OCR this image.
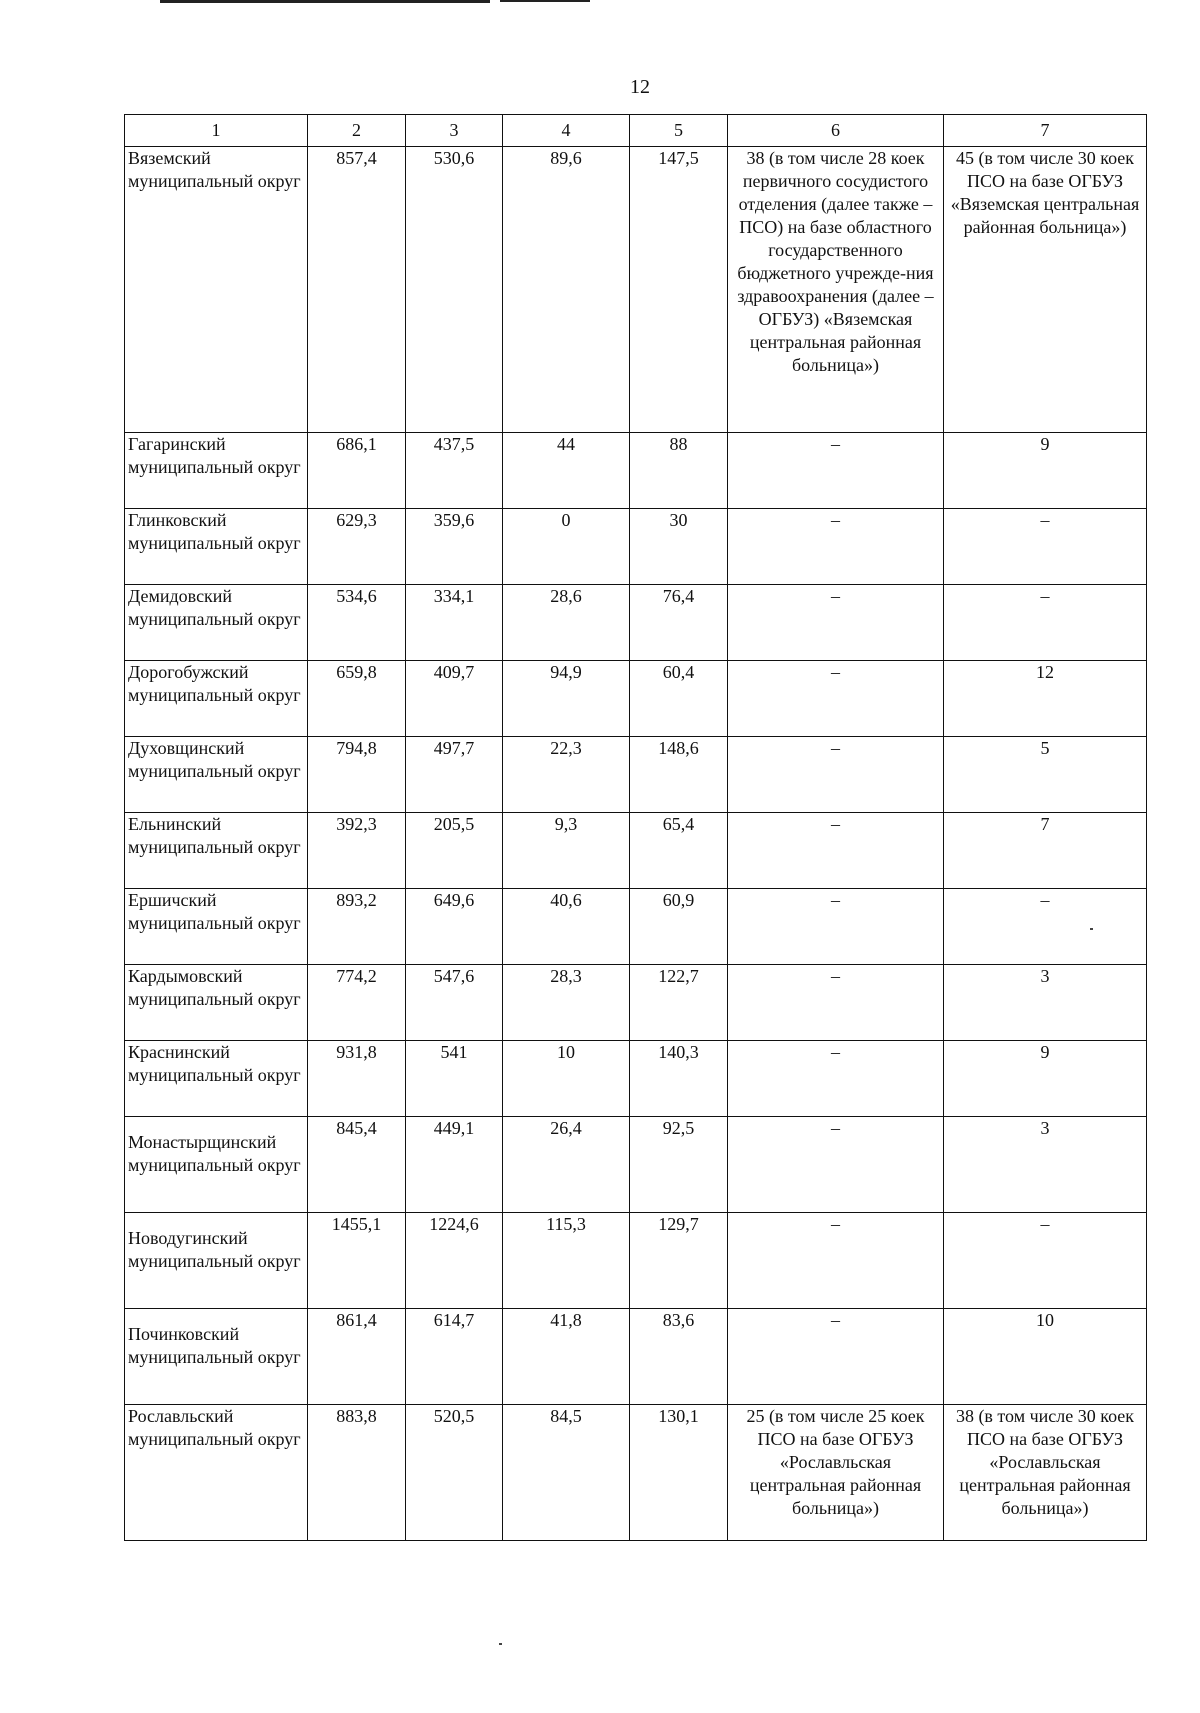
12
1	2	3	4	5	6	7
Вяземский муниципальный округ	857,4	530,6	89,6	147,5	38 (в том числе 28 коек первичного сосудистого отделения (далее также – ПСО) на базе областного государственного бюджетного учрежде-ния здравоохранения (далее – ОГБУЗ) «Вяземская центральная районная больница»)	45 (в том числе 30 коек ПСО на базе ОГБУЗ «Вяземская центральная районная больница»)
Гагаринский муниципальный округ	686,1	437,5	44	88	–	9
Глинковский муниципальный округ	629,3	359,6	0	30	–	–
Демидовский муниципальный округ	534,6	334,1	28,6	76,4	–	–
Дорогобужский муниципальный округ	659,8	409,7	94,9	60,4	–	12
Духовщинский муниципальный округ	794,8	497,7	22,3	148,6	–	5
Ельнинский муниципальный округ	392,3	205,5	9,3	65,4	–	7
Ершичский муниципальный округ	893,2	649,6	40,6	60,9	–	–
Кардымовский муниципальный округ	774,2	547,6	28,3	122,7	–	3
Краснинский муниципальный округ	931,8	541	10	140,3	–	9
Монастырщинский муниципальный округ	845,4	449,1	26,4	92,5	–	3
Новодугинский муниципальный округ	1455,1	1224,6	115,3	129,7	–	–
Починковский муниципальный округ	861,4	614,7	41,8	83,6	–	10
Рославльский муниципальный округ	883,8	520,5	84,5	130,1	25 (в том числе 25 коек ПСО на базе ОГБУЗ «Рославльская центральная районная больница»)	38 (в том числе 30 коек ПСО на базе ОГБУЗ «Рославльская центральная районная больница»)
